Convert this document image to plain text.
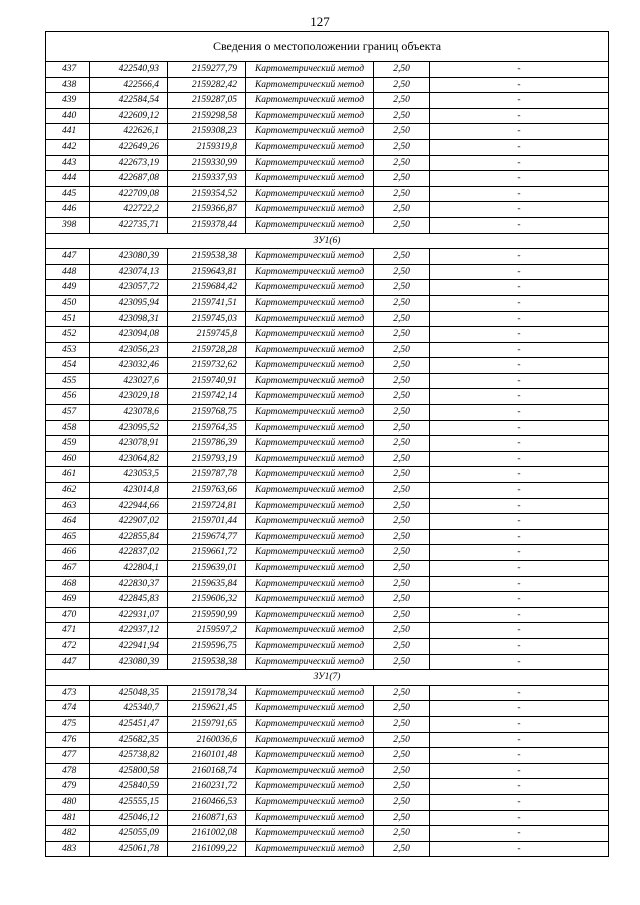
127
Сведения о местоположении границ объекта					
437	422540,93	2159277,79	Картометрический метод	2,50	-
438	422566,4	2159282,42	Картометрический метод	2,50	-
439	422584,54	2159287,05	Картометрический метод	2,50	-
440	422609,12	2159298,58	Картометрический метод	2,50	-
441	422626,1	2159308,23	Картометрический метод	2,50	-
442	422649,26	2159319,8	Картометрический метод	2,50	-
443	422673,19	2159330,99	Картометрический метод	2,50	-
444	422687,08	2159337,93	Картометрический метод	2,50	-
445	422709,08	2159354,52	Картометрический метод	2,50	-
446	422722,2	2159366,87	Картометрический метод	2,50	-
398	422735,71	2159378,44	Картометрический метод	2,50	-
ЗУ1(6)					
447	423080,39	2159538,38	Картометрический метод	2,50	-
448	423074,13	2159643,81	Картометрический метод	2,50	-
449	423057,72	2159684,42	Картометрический метод	2,50	-
450	423095,94	2159741,51	Картометрический метод	2,50	-
451	423098,31	2159745,03	Картометрический метод	2,50	-
452	423094,08	2159745,8	Картометрический метод	2,50	-
453	423056,23	2159728,28	Картометрический метод	2,50	-
454	423032,46	2159732,62	Картометрический метод	2,50	-
455	423027,6	2159740,91	Картометрический метод	2,50	-
456	423029,18	2159742,14	Картометрический метод	2,50	-
457	423078,6	2159768,75	Картометрический метод	2,50	-
458	423095,52	2159764,35	Картометрический метод	2,50	-
459	423078,91	2159786,39	Картометрический метод	2,50	-
460	423064,82	2159793,19	Картометрический метод	2,50	-
461	423053,5	2159787,78	Картометрический метод	2,50	-
462	423014,8	2159763,66	Картометрический метод	2,50	-
463	422944,66	2159724,81	Картометрический метод	2,50	-
464	422907,02	2159701,44	Картометрический метод	2,50	-
465	422855,84	2159674,77	Картометрический метод	2,50	-
466	422837,02	2159661,72	Картометрический метод	2,50	-
467	422804,1	2159639,01	Картометрический метод	2,50	-
468	422830,37	2159635,84	Картометрический метод	2,50	-
469	422845,83	2159606,32	Картометрический метод	2,50	-
470	422931,07	2159590,99	Картометрический метод	2,50	-
471	422937,12	2159597,2	Картометрический метод	2,50	-
472	422941,94	2159596,75	Картометрический метод	2,50	-
447	423080,39	2159538,38	Картометрический метод	2,50	-
ЗУ1(7)					
473	425048,35	2159178,34	Картометрический метод	2,50	-
474	425340,7	2159621,45	Картометрический метод	2,50	-
475	425451,47	2159791,65	Картометрический метод	2,50	-
476	425682,35	2160036,6	Картометрический метод	2,50	-
477	425738,82	2160101,48	Картометрический метод	2,50	-
478	425800,58	2160168,74	Картометрический метод	2,50	-
479	425840,59	2160231,72	Картометрический метод	2,50	-
480	425555,15	2160466,53	Картометрический метод	2,50	-
481	425046,12	2160871,63	Картометрический метод	2,50	-
482	425055,09	2161002,08	Картометрический метод	2,50	-
483	425061,78	2161099,22	Картометрический метод	2,50	-
